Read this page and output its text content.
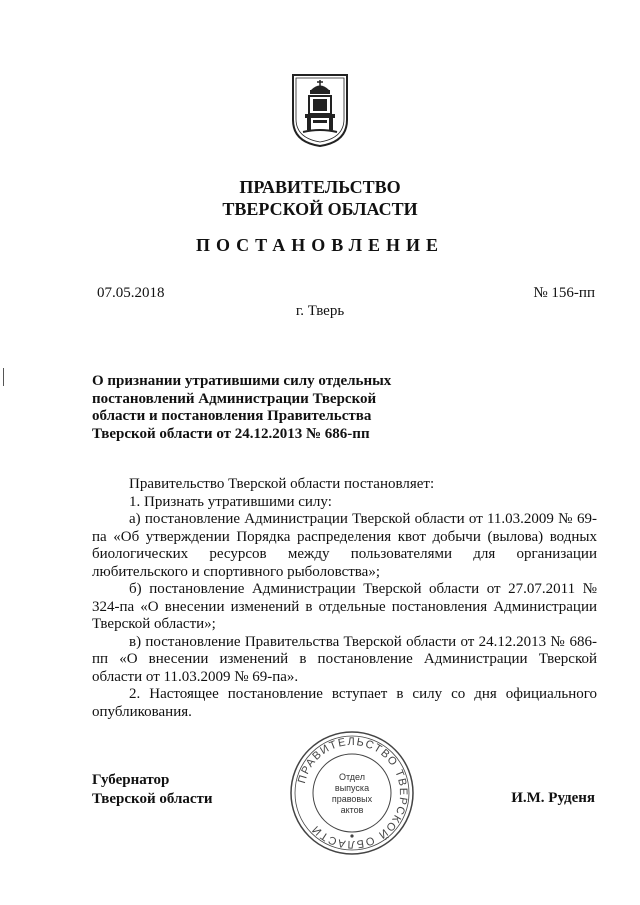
ПРАВИТЕЛЬСТВО
ТВЕРСКОЙ ОБЛАСТИ
ПОСТАНОВЛЕНИЕ
07.05.2018	№ 156-пп
г. Тверь
О признании утратившими силу отдельных
постановлений Администрации Тверской
области и постановления Правительства
Тверской области от 24.12.2013 № 686-пп

Правительство Тверской области постановляет:

1. Признать утратившими силу:

а) постановление Администрации Тверской области от 11.03.2009 № 69-па «Об утверждении Порядка распределения квот добычи (вылова) водных биологических ресурсов между пользователями для организации любительского и спортивного рыболовства»;

б) постановление Администрации Тверской области от 27.07.2011 № 324-па «О внесении изменений в отдельные постановления Администрации Тверской области»;

в) постановление Правительства Тверской области от 24.12.2013 № 686-пп «О внесении изменений в постановление Администрации Тверской области от 11.03.2009 № 69-па».

2. Настоящее постановление вступает в силу со дня официального опубликования.

Губернатор
Тверской области	И.М. Руденя
ПРАВИТЕЛЬСТВО ТВЕРСКОЙ ОБЛАСТИ
Отдел
выпуска
правовых
актов
